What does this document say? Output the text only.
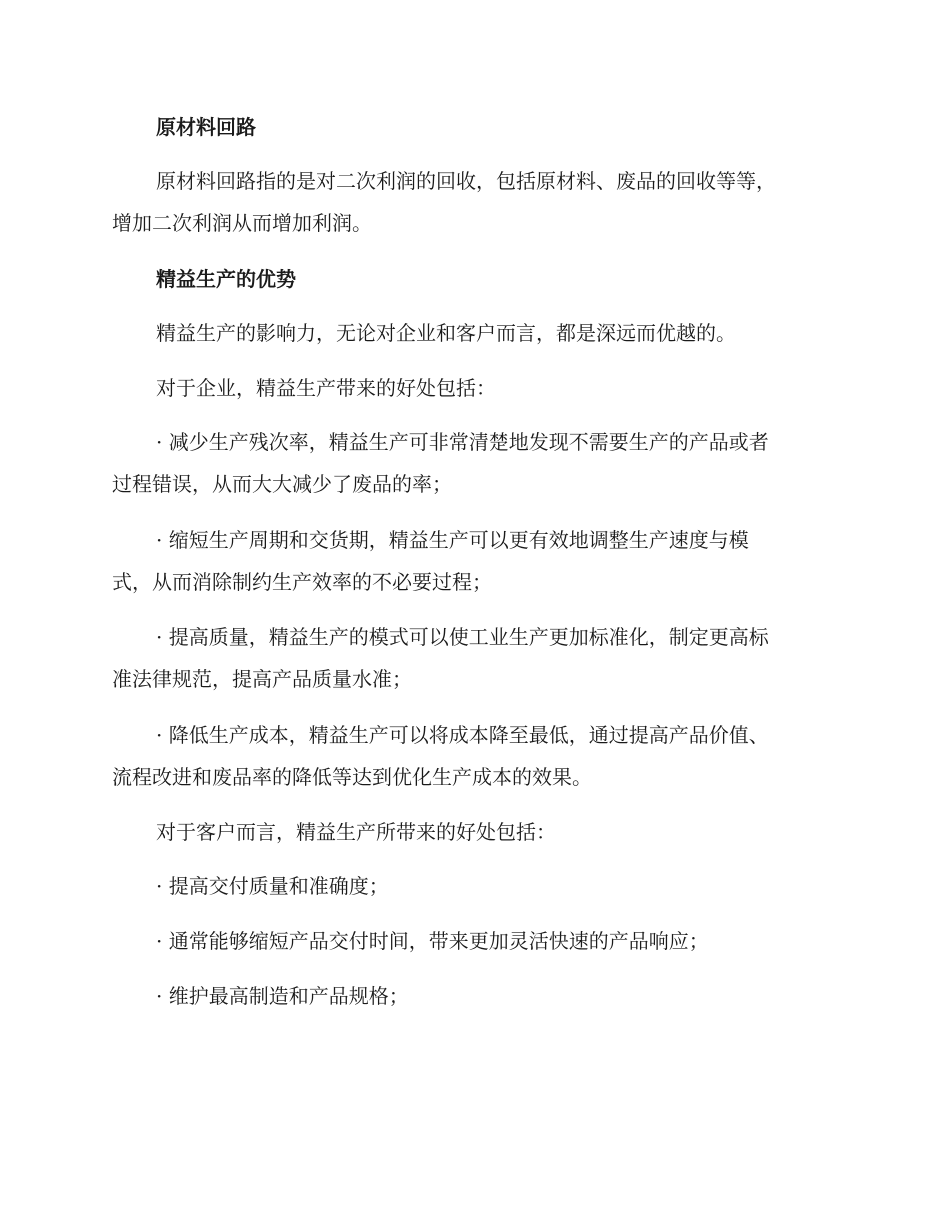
原材料回路
原材料回路指的是对二次利润的回收，包括原材料、废品的回收等等，
增加二次利润从而增加利润。
精益生产的优势
精益生产的影响力，无论对企业和客户而言，都是深远而优越的。
对于企业，精益生产带来的好处包括：
· 减少生产残次率，精益生产可非常清楚地发现不需要生产的产品或者
过程错误，从而大大减少了废品的率；
· 缩短生产周期和交货期，精益生产可以更有效地调整生产速度与模
式，从而消除制约生产效率的不必要过程；
· 提高质量，精益生产的模式可以使工业生产更加标准化，制定更高标
准法律规范，提高产品质量水准；
· 降低生产成本，精益生产可以将成本降至最低，通过提高产品价值、
流程改进和废品率的降低等达到优化生产成本的效果。
对于客户而言，精益生产所带来的好处包括：
· 提高交付质量和准确度；
· 通常能够缩短产品交付时间，带来更加灵活快速的产品响应；
· 维护最高制造和产品规格；
